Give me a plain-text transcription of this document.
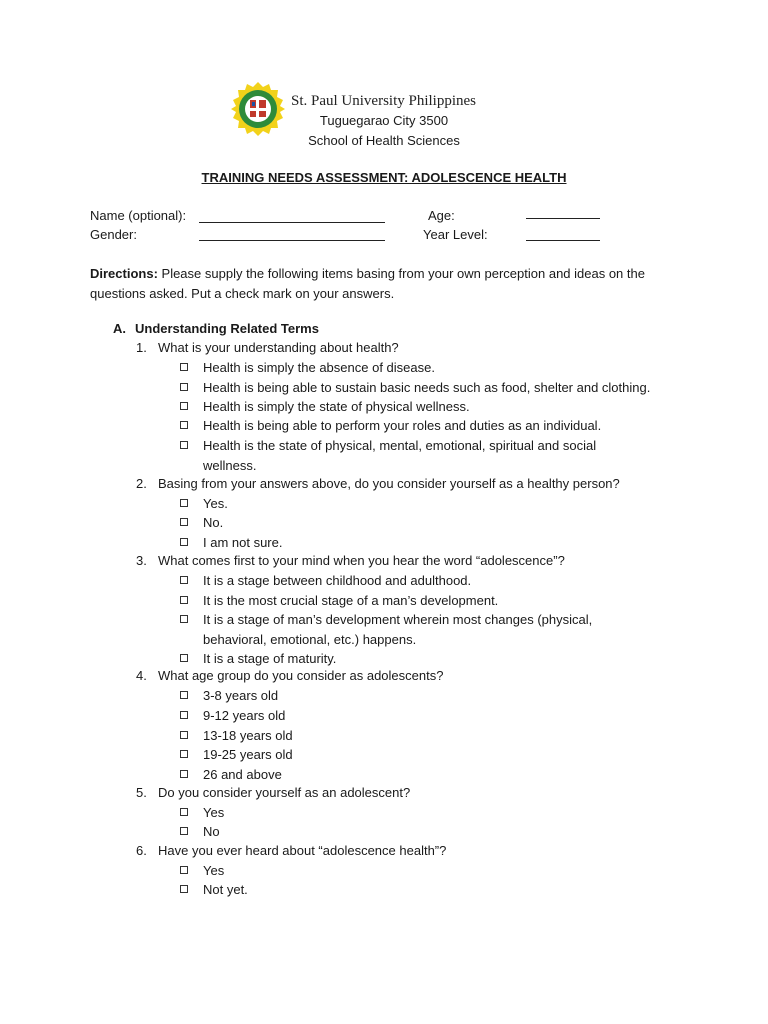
St. Paul University Philippines
Tuguegarao City 3500
School of Health Sciences
TRAINING NEEDS ASSESSMENT: ADOLESCENCE HEALTH
Name (optional):	Age:
Gender:	Year Level:
Directions: Please supply the following items basing from your own perception and ideas on the questions asked. Put a check mark on your answers.
A. Understanding Related Terms
1. What is your understanding about health?
Health is simply the absence of disease.
Health is being able to sustain basic needs such as food, shelter and clothing.
Health is simply the state of physical wellness.
Health is being able to perform your roles and duties as an individual.
Health is the state of physical, mental, emotional, spiritual and social wellness.
2. Basing from your answers above, do you consider yourself as a healthy person?
Yes.
No.
I am not sure.
3. What comes first to your mind when you hear the word “adolescence”?
It is a stage between childhood and adulthood.
It is the most crucial stage of a man’s development.
It is a stage of man’s development wherein most changes (physical, behavioral, emotional, etc.) happens.
It is a stage of maturity.
4. What age group do you consider as adolescents?
3-8 years old
9-12 years old
13-18 years old
19-25 years old
26 and above
5. Do you consider yourself as an adolescent?
Yes
No
6. Have you ever heard about “adolescence health”?
Yes
Not yet.
